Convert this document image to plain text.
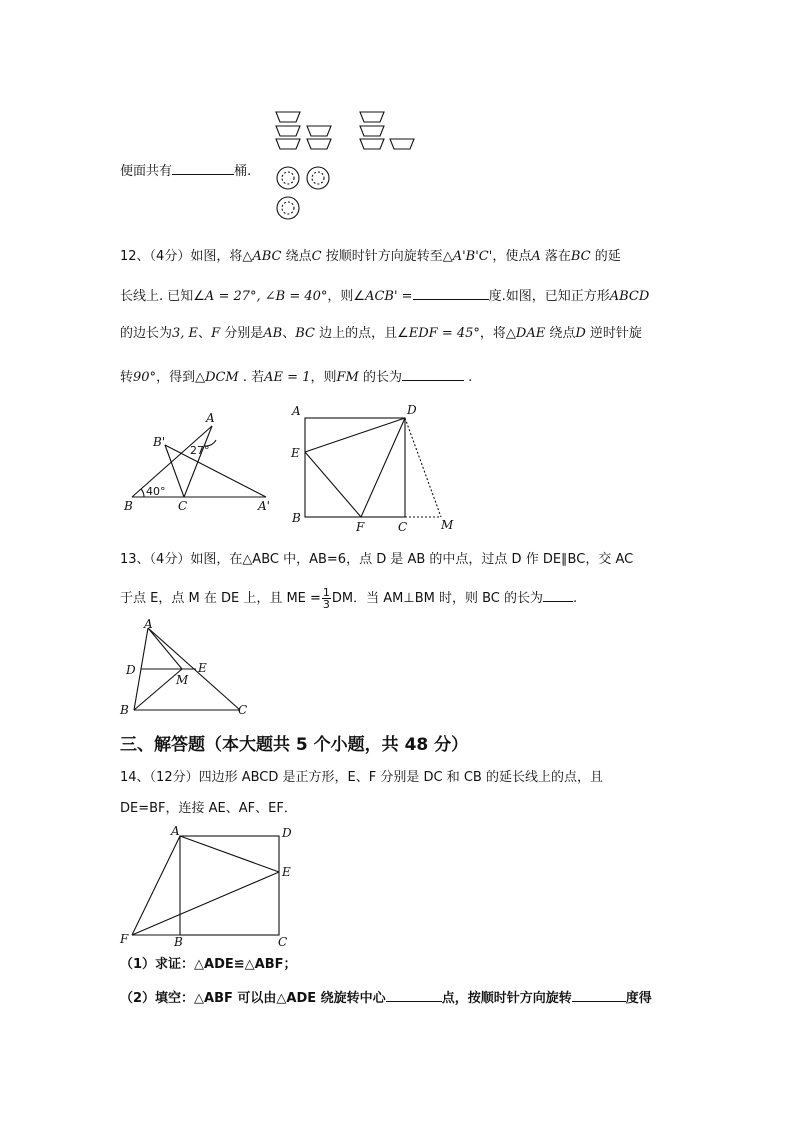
便面共有	桶.
12、（4分）如图，将△ABC 绕点C 按顺时针方向旋转至△A'B'C'，使点A 落在BC 的延
长线上. 已知∠A = 27°, ∠B = 40°，则∠ACB' =	度.如图，已知正方形ABCD
的边长为3, E、F 分别是AB、BC 边上的点，且∠EDF = 45°，将△DAE 绕点D 逆时针旋
转90°，得到△DCM . 若AE = 1，则FM 的长为	.
A
B'
B	C	A'
27°
40°
A	D
E
B
F	C	M
13、（4分）如图，在△ABC 中，AB=6，点 D 是 AB 的中点，过点 D 作 DE∥BC，交 AC
于点 E，点 M 在 DE 上，且 ME = $\frac{1}{3}$ DM．当 AM⊥BM 时，则 BC 的长为 .
A
D	E
M
B	C
三、解答题（本大题共 5 个小题，共 48 分）
14、（12分）四边形 ABCD 是正方形，E、F 分别是 DC 和 CB 的延长线上的点，且
DE=BF，连接 AE、AF、EF．
A	D
E
F	B	C
（1）求证：△ADE≌△ABF；
（2）填空：△ABF 可以由△ADE 绕旋转中心	点，按顺时针方向旋转	度得
